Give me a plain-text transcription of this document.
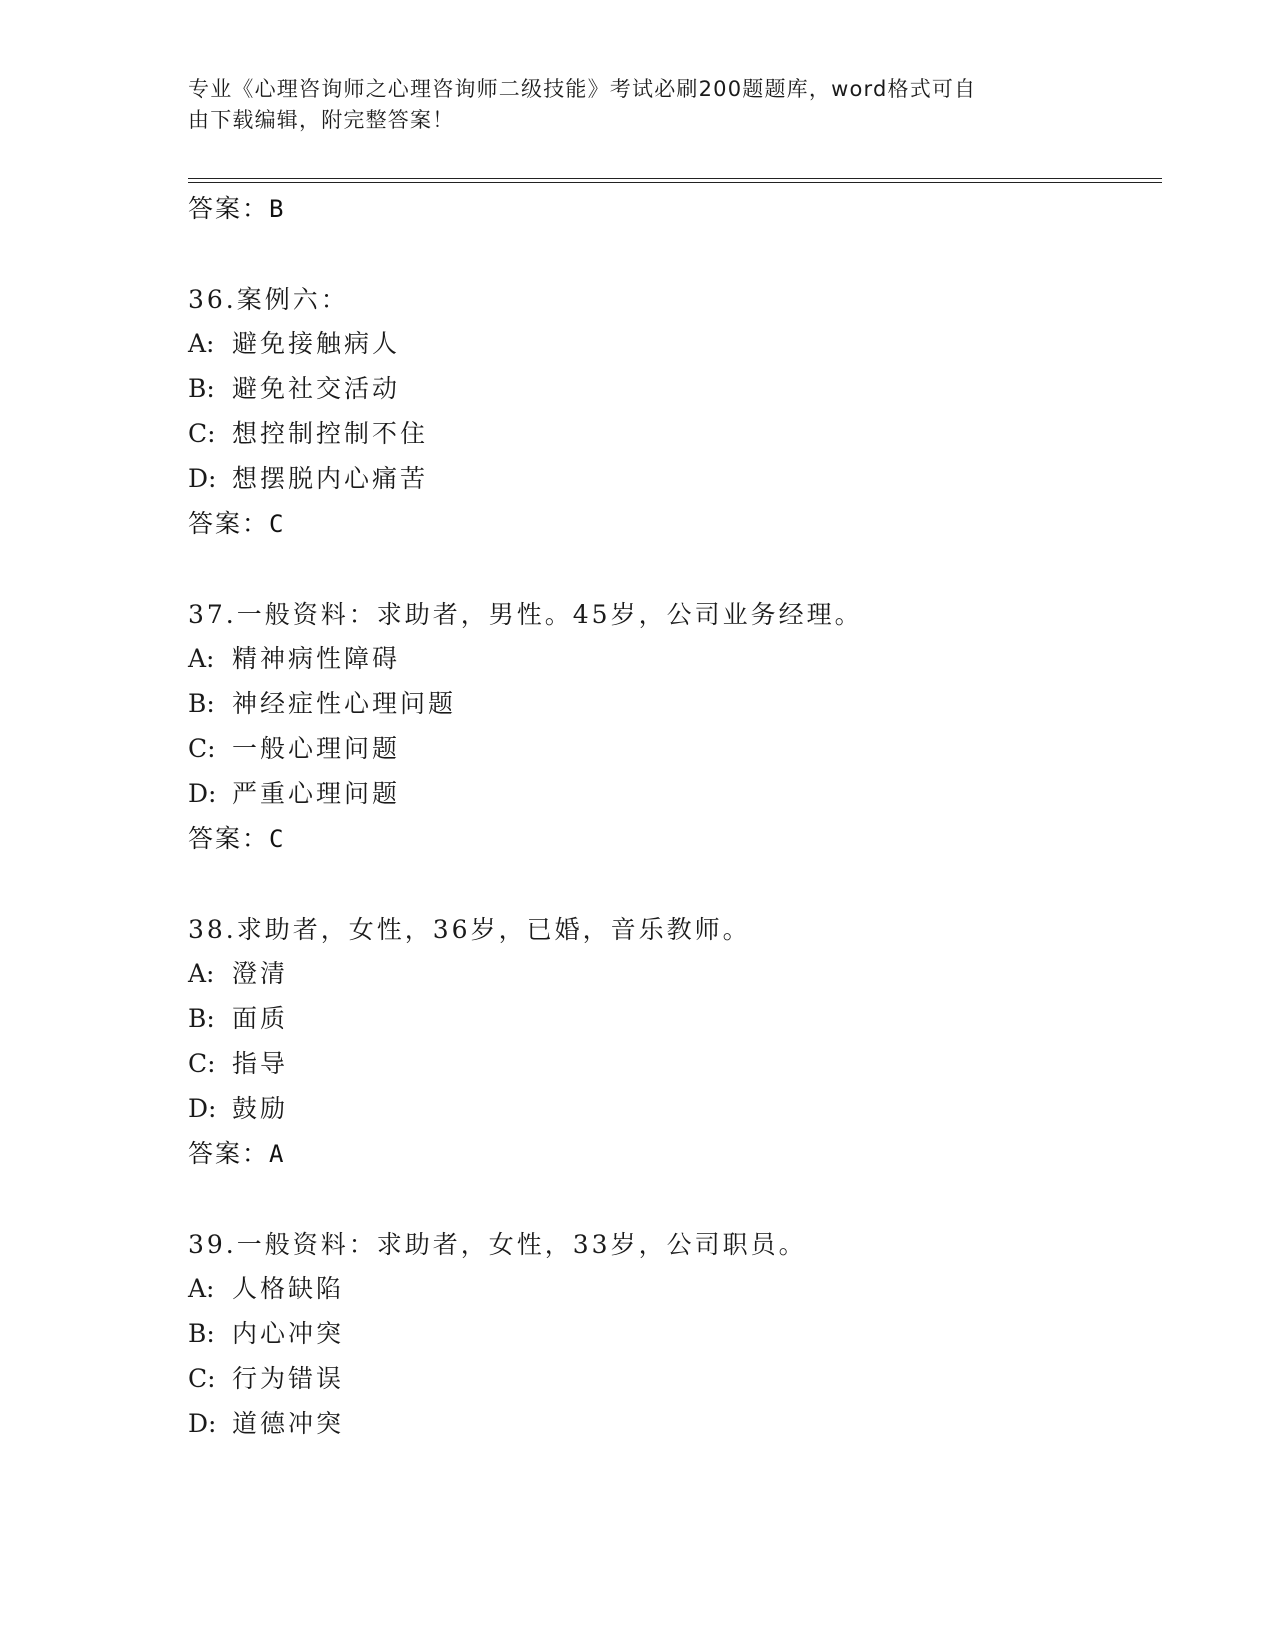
专业《心理咨询师之心理咨询师二级技能》考试必刷200题题库，word格式可自
由下载编辑，附完整答案！
答案：B
36.案例六：
A: 避免接触病人
B: 避免社交活动
C: 想控制控制不住
D: 想摆脱内心痛苦
答案：C
37.一般资料：求助者，男性。45岁，公司业务经理。
A: 精神病性障碍
B: 神经症性心理问题
C: 一般心理问题
D: 严重心理问题
答案：C
38.求助者，女性，36岁，已婚，音乐教师。
A: 澄清
B: 面质
C: 指导
D: 鼓励
答案：A
39.一般资料：求助者，女性，33岁，公司职员。
A: 人格缺陷
B: 内心冲突
C: 行为错误
D: 道德冲突
